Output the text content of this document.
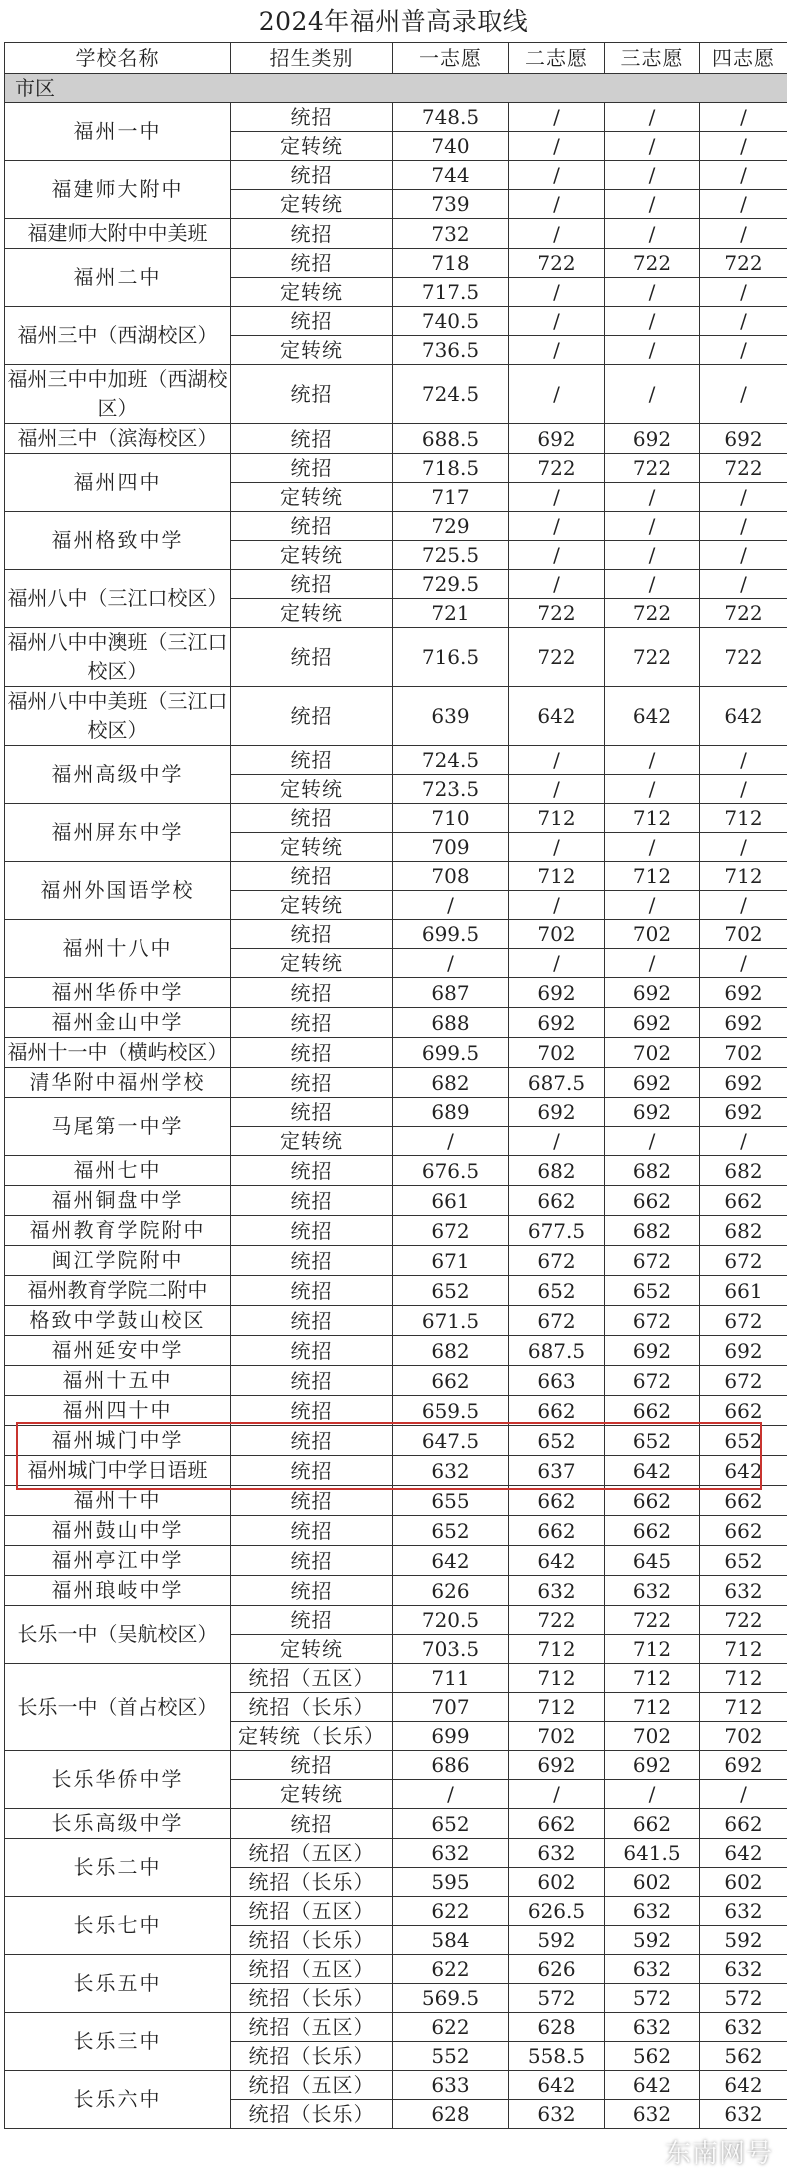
2024年福州普高录取线
学校名称	招生类别	一志愿	二志愿	三志愿	四志愿
市区					
福州一中	统招	748.5	/	/	/
	定转统	740	/	/	/
福建师大附中	统招	744	/	/	/
	定转统	739	/	/	/
福建师大附中中美班	统招	732	/	/	/
福州二中	统招	718	722	722	722
	定转统	717.5	/	/	/
福州三中（西湖校区）	统招	740.5	/	/	/
	定转统	736.5	/	/	/
福州三中中加班（西湖校区）	统招	724.5	/	/	/
福州三中（滨海校区）	统招	688.5	692	692	692
福州四中	统招	718.5	722	722	722
	定转统	717	/	/	/
福州格致中学	统招	729	/	/	/
	定转统	725.5	/	/	/
福州八中（三江口校区）	统招	729.5	/	/	/
	定转统	721	722	722	722
福州八中中澳班（三江口校区）	统招	716.5	722	722	722
福州八中中美班（三江口校区）	统招	639	642	642	642
福州高级中学	统招	724.5	/	/	/
	定转统	723.5	/	/	/
福州屏东中学	统招	710	712	712	712
	定转统	709	/	/	/
福州外国语学校	统招	708	712	712	712
	定转统	/	/	/	/
福州十八中	统招	699.5	702	702	702
	定转统	/	/	/	/
福州华侨中学	统招	687	692	692	692
福州金山中学	统招	688	692	692	692
福州十一中（横屿校区）	统招	699.5	702	702	702
清华附中福州学校	统招	682	687.5	692	692
马尾第一中学	统招	689	692	692	692
	定转统	/	/	/	/
福州七中	统招	676.5	682	682	682
福州铜盘中学	统招	661	662	662	662
福州教育学院附中	统招	672	677.5	682	682
闽江学院附中	统招	671	672	672	672
福州教育学院二附中	统招	652	652	652	661
格致中学鼓山校区	统招	671.5	672	672	672
福州延安中学	统招	682	687.5	692	692
福州十五中	统招	662	663	672	672
福州四十中	统招	659.5	662	662	662
福州城门中学	统招	647.5	652	652	652
福州城门中学日语班	统招	632	637	642	642
福州十中	统招	655	662	662	662
福州鼓山中学	统招	652	662	662	662
福州亭江中学	统招	642	642	645	652
福州琅岐中学	统招	626	632	632	632
长乐一中（吴航校区）	统招	720.5	722	722	722
	定转统	703.5	712	712	712
长乐一中（首占校区）	统招（五区）	711	712	712	712
	统招（长乐）	707	712	712	712
	定转统（长乐）	699	702	702	702
长乐华侨中学	统招	686	692	692	692
	定转统	/	/	/	/
长乐高级中学	统招	652	662	662	662
长乐二中	统招（五区）	632	632	641.5	642
	统招（长乐）	595	602	602	602
长乐七中	统招（五区）	622	626.5	632	632
	统招（长乐）	584	592	592	592
长乐五中	统招（五区）	622	626	632	632
	统招（长乐）	569.5	572	572	572
长乐三中	统招（五区）	622	628	632	632
	统招（长乐）	552	558.5	562	562
长乐六中	统招（五区）	633	642	642	642
	统招（长乐）	628	632	632	632
东南网号
